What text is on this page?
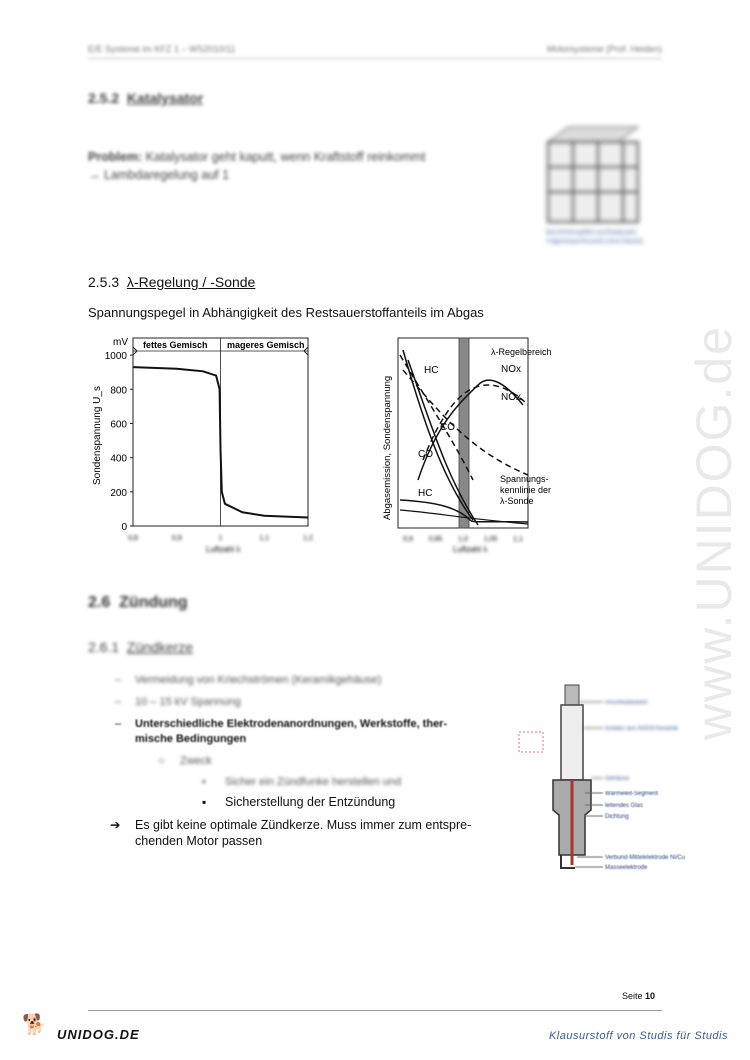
E/E Systeme im KFZ 1 – WS2010/11	Motorsysteme (Prof. Heiden)
www.UNIDOG.de
2.5.2 Katalysator
Problem: Katalysator geht kaputt, wenn Kraftstoff reinkommt
→ Lambdaregelung auf 1
Beschichtung/Bild aus/Katalysator
Trägerkörper/Keramik (ohne Mantel)
2.5.3 λ-Regelung / -Sonde
Spannungspegel in Abhängigkeit des Restsauerstoffanteils im Abgas
mV fettes Gemisch mageres Gemisch
0
200
400
600
800
1000
0,8	0,9	1	1,1	1,2
Sondenspannung U_s
Luftzahl λ
λ-Regelbereich
NOx
NOx
HC
CO
CO
HC
Spannungs-
kennlinie der
λ-Sonde
Abgasemission, Sondenspannung
0,9 0,95 1,0 1,05 1,1
Luftzahl λ
2.6 Zündung
2.6.1 Zündkerze
– Vermeidung von Kriechströmen (Keramikgehäuse)
– 10 – 15 kV Spannung
– Unterschiedliche Elektrodenanordnungen, Werkstoffe, ther-
mische Bedingungen
○ Zweck
▪ Sicher ein Zündfunke herstellen und
▪ Sicherstellung der Entzündung
➔ Es gibt keine optimale Zündkerze. Muss immer zum entspre-
chenden Motor passen
Anschlußbolzen
Isolator aus Al2O3-Keramik
Gehäuse
Wärmeleit-Segment
leitendes Glas
Dichtung
Verbund-Mittelelektrode Ni/Cu
Masseelektrode
Seite 10
🐕 UNIDOG.DE	Klausurstoff von Studis für Studis
